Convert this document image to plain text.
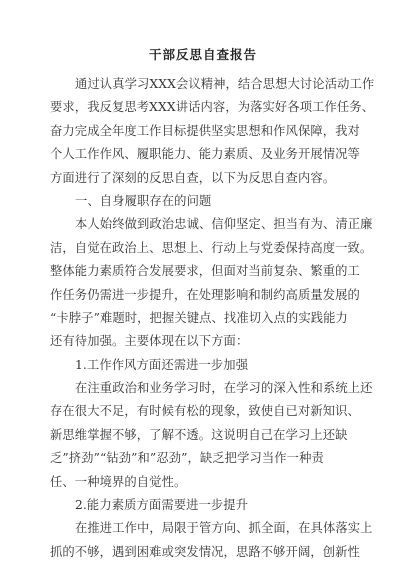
干部反思自查报告
通过认真学习XXX会议精神，结合思想大讨论活动工作
要求，我反复思考XXX讲话内容，为落实好各项工作任务、
奋力完成全年度工作目标提供坚实思想和作风保障，我对
个人工作作风、履职能力、能力素质、及业务开展情况等
方面进行了深刻的反思自查，以下为反思自查内容。
一、自身履职存在的问题
本人始终做到政治忠诚、信仰坚定、担当有为、清正廉
洁，自觉在政治上、思想上、行动上与党委保持高度一致。
整体能力素质符合发展要求，但面对当前复杂、繁重的工
作任务仍需进一步提升，在处理影响和制约高质量发展的
“卡脖子”难题时，把握关键点、找准切入点的实践能力
还有待加强。主要体现在以下方面：
1.工作作风方面还需进一步加强
在注重政治和业务学习时，在学习的深入性和系统上还
存在很大不足，有时候有松的现象，致使自已对新知识、
新思维掌握不够，了解不透。这说明自己在学习上还缺
乏”挤劲”“钻劲”和”忍劲”，缺乏把学习当作一种责
任、一种境界的自觉性。
2.能力素质方面需要进一步提升
在推进工作中，局限于管方向、抓全面，在具体落实上
抓的不够，遇到困难或突发情况，思路不够开阔，创新性
